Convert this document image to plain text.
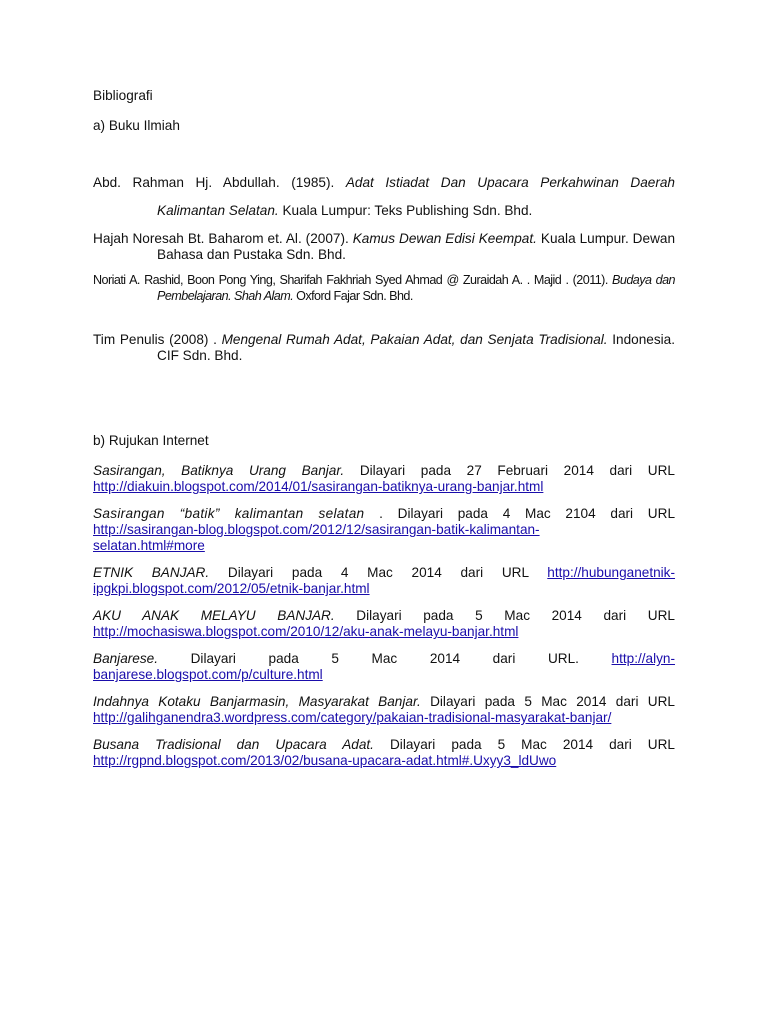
Bibliografi
a) Buku Ilmiah
Abd. Rahman Hj. Abdullah. (1985). Adat Istiadat Dan Upacara Perkahwinan Daerah
Kalimantan Selatan. Kuala Lumpur: Teks Publishing Sdn. Bhd.
Hajah Noresah Bt. Baharom et. Al. (2007). Kamus Dewan Edisi Keempat. Kuala Lumpur. Dewan Bahasa dan Pustaka Sdn. Bhd.
Noriati A. Rashid, Boon Pong Ying, Sharifah Fakhriah Syed Ahmad @ Zuraidah A. . Majid . (2011). Budaya dan Pembelajaran. Shah Alam. Oxford Fajar Sdn. Bhd.
Tim Penulis (2008) . Mengenal Rumah Adat, Pakaian Adat, dan Senjata Tradisional. Indonesia. CIF Sdn. Bhd.
b) Rujukan Internet
Sasirangan, Batiknya Urang Banjar. Dilayari pada 27 Februari 2014 dari URL
http://diakuin.blogspot.com/2014/01/sasirangan-batiknya-urang-banjar.html
Sasirangan “batik” kalimantan selatan . Dilayari pada 4 Mac 2104 dari URL
http://sasirangan-blog.blogspot.com/2012/12/sasirangan-batik-kalimantan-
selatan.html#more
ETNIK BANJAR. Dilayari pada 4 Mac 2014 dari URL http://hubunganetnik-
ipgkpi.blogspot.com/2012/05/etnik-banjar.html
AKU ANAK MELAYU BANJAR. Dilayari pada 5 Mac 2014 dari URL
http://mochasiswa.blogspot.com/2010/12/aku-anak-melayu-banjar.html
Banjarese. Dilayari pada 5 Mac 2014 dari URL. http://alyn-
banjarese.blogspot.com/p/culture.html
Indahnya Kotaku Banjarmasin, Masyarakat Banjar. Dilayari pada 5 Mac 2014 dari URL
http://galihganendra3.wordpress.com/category/pakaian-tradisional-masyarakat-banjar/
Busana Tradisional dan Upacara Adat. Dilayari pada 5 Mac 2014 dari URL
http://rgpnd.blogspot.com/2013/02/busana-upacara-adat.html#.Uxyy3_ldUwo
